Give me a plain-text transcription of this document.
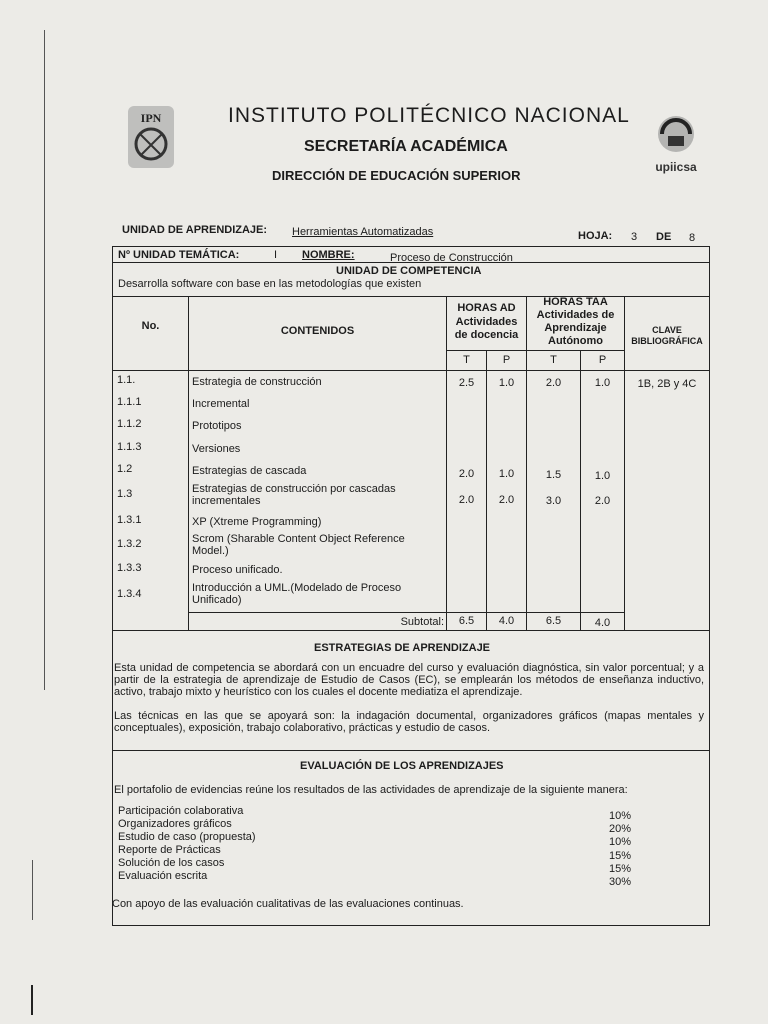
IPN
upiicsa
INSTITUTO POLITÉCNICO NACIONAL
SECRETARÍA ACADÉMICA
DIRECCIÓN DE EDUCACIÓN SUPERIOR
UNIDAD DE APRENDIZAJE: Herramientas Automatizadas	HOJA: 3 DE 8
Nº UNIDAD TEMÁTICA:	I NOMBRE:	Proceso de Construcción
UNIDAD DE COMPETENCIA
Desarrolla software con base en las metodologías que existen
No.	CONTENIDOS
HORAS AD
Actividades de docencia
HORAS TAA
Actividades de Aprendizaje Autónomo
CLAVE BIBLIOGRÁFICA
T	P	T	P
1.1.	Estrategia de construcción	2.5	1.0	2.0	1.0	1B, 2B y 4C
1.1.1	Incremental
1.1.2	Prototipos
1.1.3	Versiones
1.2	Estrategias de cascada	2.0	1.0	1.5	1.0
1.3	Estrategias de construcción por cascadas incrementales	2.0	2.0	3.0	2.0
1.3.1	XP (Xtreme Programming)
1.3.2	Scrom (Sharable Content Object Reference Model.)
1.3.3	Proceso unificado.
1.3.4	Introducción a UML.(Modelado de Proceso Unificado)
Subtotal:	6.5	4.0	6.5	4.0
ESTRATEGIAS DE APRENDIZAJE
Esta unidad de competencia se abordará con un encuadre del curso y evaluación diagnóstica, sin valor porcentual; y a partir de la estrategia de aprendizaje de Estudio de Casos (EC), se emplearán los métodos de enseñanza inductivo, activo, trabajo mixto y heurístico con los cuales el docente mediatiza el aprendizaje.
Las técnicas en las que se apoyará son: la indagación documental, organizadores gráficos (mapas mentales y conceptuales), exposición, trabajo colaborativo, prácticas y estudio de casos.
EVALUACIÓN DE LOS APRENDIZAJES
El portafolio de evidencias reúne los resultados de las actividades de aprendizaje de la siguiente manera:
Participación colaborativa	10%
Organizadores gráficos	20%
Estudio de caso (propuesta)	10%
Reporte de Prácticas	15%
Solución de los casos	15%
Evaluación escrita	30%
Con apoyo de las evaluación cualitativas de las evaluaciones continuas.
